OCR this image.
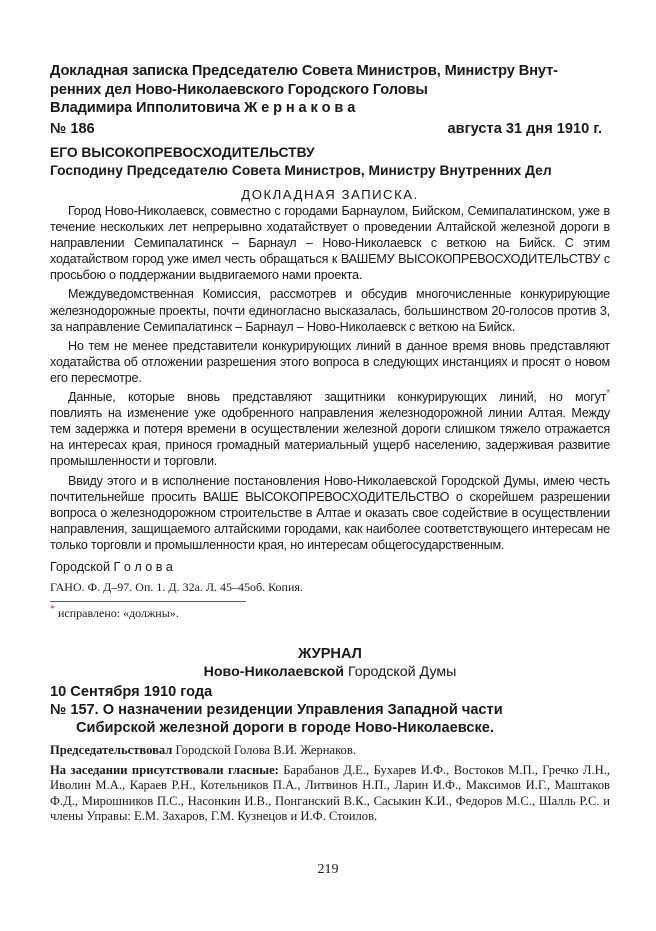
Докладная записка Председателю Совета Министров, Министру Внут-
ренних дел Ново-Николаевского Городского Головы
Владимира Ипполитовича Ж е р н а к о в а
№ 186	августа 31 дня 1910 г.
ЕГО ВЫСОКОПРЕВОСХОДИТЕЛЬСТВУ
Господину Председателю Совета Министров, Министру Внутренних Дел
ДОКЛАДНАЯ ЗАПИСКА.

Город Ново-Николаевск, совместно с городами Барнаулом, Бийском, Семипалатинском, уже в течение нескольких лет непрерывно ходатайствует о проведении Алтайской железной дороги в направлении Семипалатинск – Барнаул – Ново-Николаевск с веткою на Бийск. С этим ходатайством город уже имел честь обращаться к ВАШЕМУ ВЫСОКОПРЕВОСХОДИТЕЛЬСТВУ с просьбою о поддержании выдвигаемого нами проекта.

Междуведомственная Комиссия, рассмотрев и обсудив многочисленные конкурирующие железнодорожные проекты, почти единогласно высказалась, большинством 20-голосов против 3, за направление Семипалатинск – Барнаул – Ново-Николаевск с веткою на Бийск.

Но тем не менее представители конкурирующих линий в данное время вновь представляют ходатайства об отложении разрешения этого вопроса в следующих инстанциях и просят о новом его пересмотре.

Данные, которые вновь представляют защитники конкурирующих линий, но могут*

повлиять на изменение уже одобренного направления железнодорожной линии Алтая. Между тем задержка и потеря времени в осуществлении железной дороги слишком тяжело отражается на интересах края, принося громадный материальный ущерб населению, задерживая развитие промышленности и торговли.

Ввиду этого и в исполнение постановления Ново-Николаевской Городской Думы, имею честь почтительнейше просить ВАШЕ ВЫСОКОПРЕВОСХОДИТЕЛЬСТВО о скорейшем разрешении вопроса о железнодорожном строительстве в Алтае и оказать свое содействие в осуществлении направления, защищаемого алтайскими городами, как наиболее соответствующего интересам не только торговли и промышленности края, но интересам общегосударственным.

Городской Г о л о в а
ГАНО. Ф. Д–97. Оп. 1. Д. 32а. Л. 45–45об. Копия.
* исправлено: «должны».
ЖУРНАЛ
Ново-Николаевской Городской Думы
10 Сентября 1910 года
№ 157. О назначении резиденции Управления Западной части
Сибирской железной дороги в городе Ново-Николаевске.

Председательствовал Городской Голова В.И. Жернаков.

На заседании присутствовали гласные: Барабанов Д.Е., Бухарев И.Ф., Востоков М.П., Гречко Л.Н., Иволин М.А., Караев Р.Н., Котельников П.А., Литвинов Н.П., Ларин И.Ф., Максимов И.Г., Маштаков Ф.Д., Мирошников П.С., Насонкин И.В., Понганский В.К., Сасыкин К.И., Федоров М.С., Шалль Р.С. и члены Управы: Е.М. Захаров, Г.М. Кузнецов и И.Ф. Стоилов.

219
